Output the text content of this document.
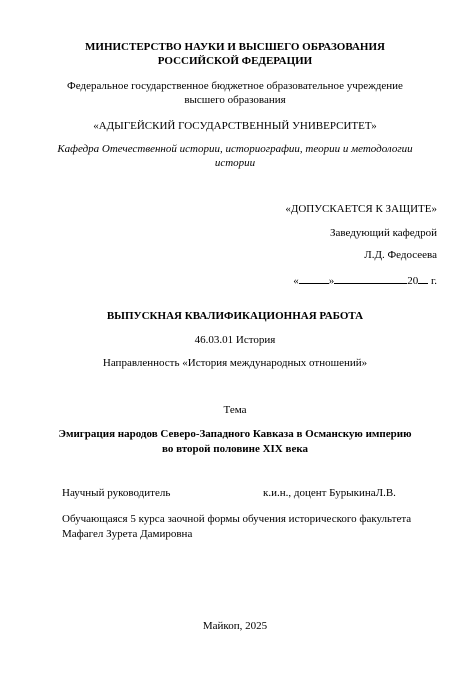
МИНИСТЕРСТВО НАУКИ И ВЫСШЕГО ОБРАЗОВАНИЯ
РОССИЙСКОЙ ФЕДЕРАЦИИ
Федеральное государственное бюджетное образовательное учреждение
высшего образования
«АДЫГЕЙСКИЙ ГОСУДАРСТВЕННЫЙ УНИВЕРСИТЕТ»
Кафедра Отечественной истории, историографии, теории и методологии
истории
«ДОПУСКАЕТСЯ К ЗАЩИТЕ»
Заведующий кафедрой
Л.Д. Федосеева
«	»	20 г.
ВЫПУСКНАЯ КВАЛИФИКАЦИОННАЯ РАБОТА
46.03.01 История
Направленность «История международных отношений»
Тема
Эмиграция народов Северо-Западного Кавказа в Османскую империю
во второй половине XIX века
Научный руководитель	к.и.н., доцент БурыкинаЛ.В.
Обучающаяся 5 курса заочной формы обучения исторического факультета
Мафагел Зурета Дамировна
Майкоп, 2025
